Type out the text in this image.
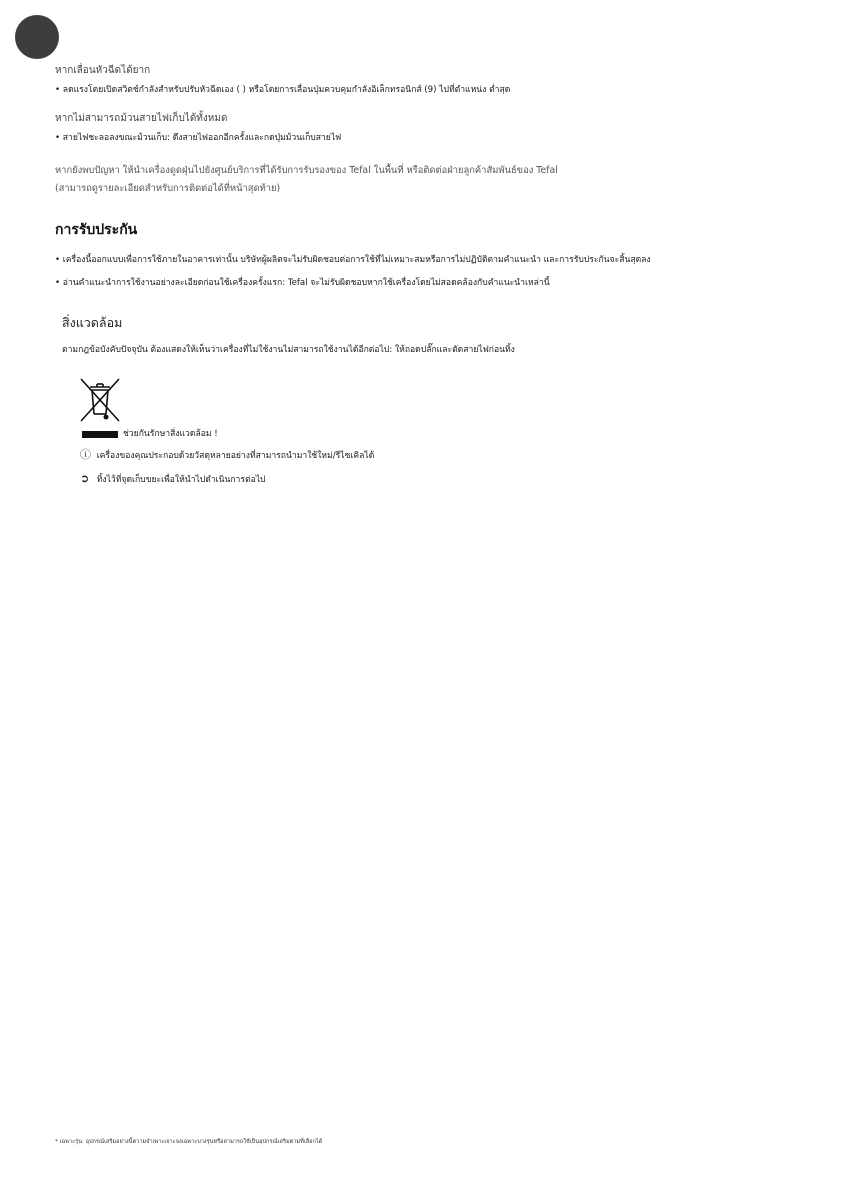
หากเลื่อนหัวฉีดได้ยาก

• ลดแรงโดยเปิดสวิตช์กำลังสำหรับปรับหัวฉีดเอง ( ) หรือโดยการเลื่อนปุ่มควบคุมกำลังอิเล็กทรอนิกส์ (9) ไปที่ตำแหน่ง ต่ำสุด

หากไม่สามารถม้วนสายไฟเก็บได้ทั้งหมด

• สายไฟชะลอลงขณะม้วนเก็บ: ดึงสายไฟออกอีกครั้งและกดปุ่มม้วนเก็บสายไฟ

หากยังพบปัญหา ให้นำเครื่องดูดฝุ่นไปยังศูนย์บริการที่ได้รับการรับรองของ Tefal ในพื้นที่ หรือติดต่อฝ่ายลูกค้าสัมพันธ์ของ Tefal

(สามารถดูรายละเอียดสำหรับการติดต่อได้ที่หน้าสุดท้าย)

การรับประกัน

• เครื่องนี้ออกแบบเพื่อการใช้ภายในอาคารเท่านั้น บริษัทผู้ผลิตจะไม่รับผิดชอบต่อการใช้ที่ไม่เหมาะสมหรือการไม่ปฏิบัติตามคำแนะนำ และการรับประกันจะสิ้นสุดลง

• อ่านคำแนะนำการใช้งานอย่างละเอียดก่อนใช้เครื่องครั้งแรก: Tefal จะไม่รับผิดชอบหากใช้เครื่องโดยไม่สอดคล้องกับคำแนะนำเหล่านี้

สิ่งแวดล้อม

ตามกฎข้อบังคับปัจจุบัน ต้องแสดงให้เห็นว่าเครื่องที่ไม่ใช้งานไม่สามารถใช้งานได้อีกต่อไป: ให้ถอดปลั๊กและตัดสายไฟก่อนทิ้ง

ช่วยกันรักษาสิ่งแวดล้อม !
ⓘ เครื่องของคุณประกอบด้วยวัสดุหลายอย่างที่สามารถนำมาใช้ใหม่/รีไซเคิลได้
➲ ทิ้งไว้ที่จุดเก็บขยะเพื่อให้นำไปดำเนินการต่อไป
* เฉพาะรุ่น: อุปกรณ์เสริมอย่างนี้ความจำเพาะเจาะจงเฉพาะบางรุ่นหรือสามารถใช้เป็นอุปกรณ์เสริมตามที่เลือกได้
